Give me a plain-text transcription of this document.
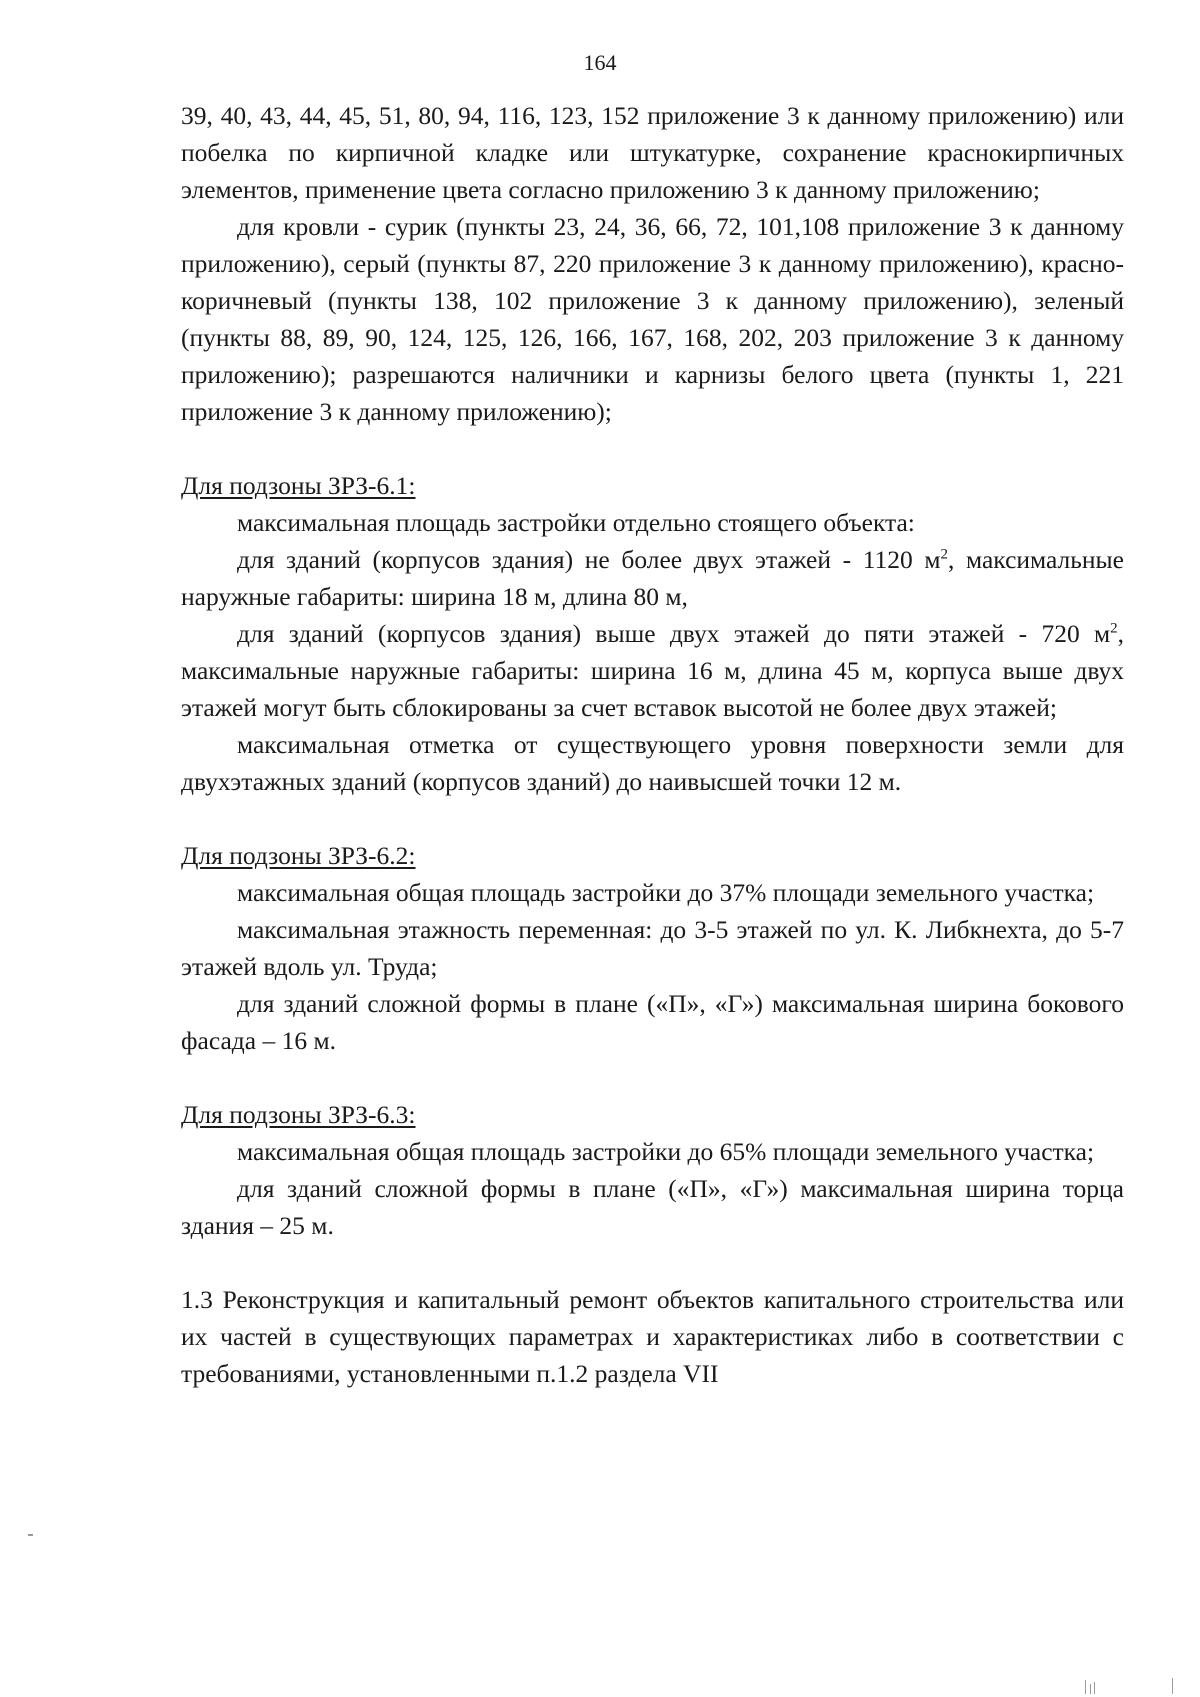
164

39, 40, 43, 44, 45, 51, 80, 94, 116, 123, 152 приложение 3 к данному приложению) или побелка по кирпичной кладке или штукатурке, сохранение краснокирпичных элементов, применение цвета согласно приложению 3 к данному приложению;

для кровли - сурик (пункты 23, 24, 36, 66, 72, 101,108 приложение 3 к данному приложению), серый (пункты 87, 220 приложение 3 к данному приложению), красно-коричневый (пункты 138, 102 приложение 3 к данному приложению), зеленый (пункты 88, 89, 90, 124, 125, 126, 166, 167, 168, 202, 203 приложение 3 к данному приложению); разрешаются наличники и карнизы белого цвета (пункты 1, 221 приложение 3 к данному приложению);

Для подзоны ЗРЗ-6.1:

максимальная площадь застройки отдельно стоящего объекта:

для зданий (корпусов здания) не более двух этажей - 1120 $м^2$, максимальные наружные габариты: ширина 18 м, длина 80 м,

для зданий (корпусов здания) выше двух этажей до пяти этажей - 720 $м^2$, максимальные наружные габариты: ширина 16 м, длина 45 м, корпуса выше двух этажей могут быть сблокированы за счет вставок высотой не более двух этажей;

максимальная отметка от существующего уровня поверхности земли для двухэтажных зданий (корпусов зданий) до наивысшей точки 12 м.

Для подзоны ЗРЗ-6.2:

максимальная общая площадь застройки до 37% площади земельного участка;

максимальная этажность переменная: до 3-5 этажей по ул. К. Либкнехта, до 5-7 этажей вдоль ул. Труда;

для зданий сложной формы в плане («П», «Г») максимальная ширина бокового фасада – 16 м.

Для подзоны ЗРЗ-6.3:

максимальная общая площадь застройки до 65% площади земельного участка;

для зданий сложной формы в плане («П», «Г») максимальная ширина торца здания – 25 м.

1.3 Реконструкция и капитальный ремонт объектов капитального строительства или их частей в существующих параметрах и характеристиках либо в соответствии с требованиями, установленными п.1.2 раздела VII
